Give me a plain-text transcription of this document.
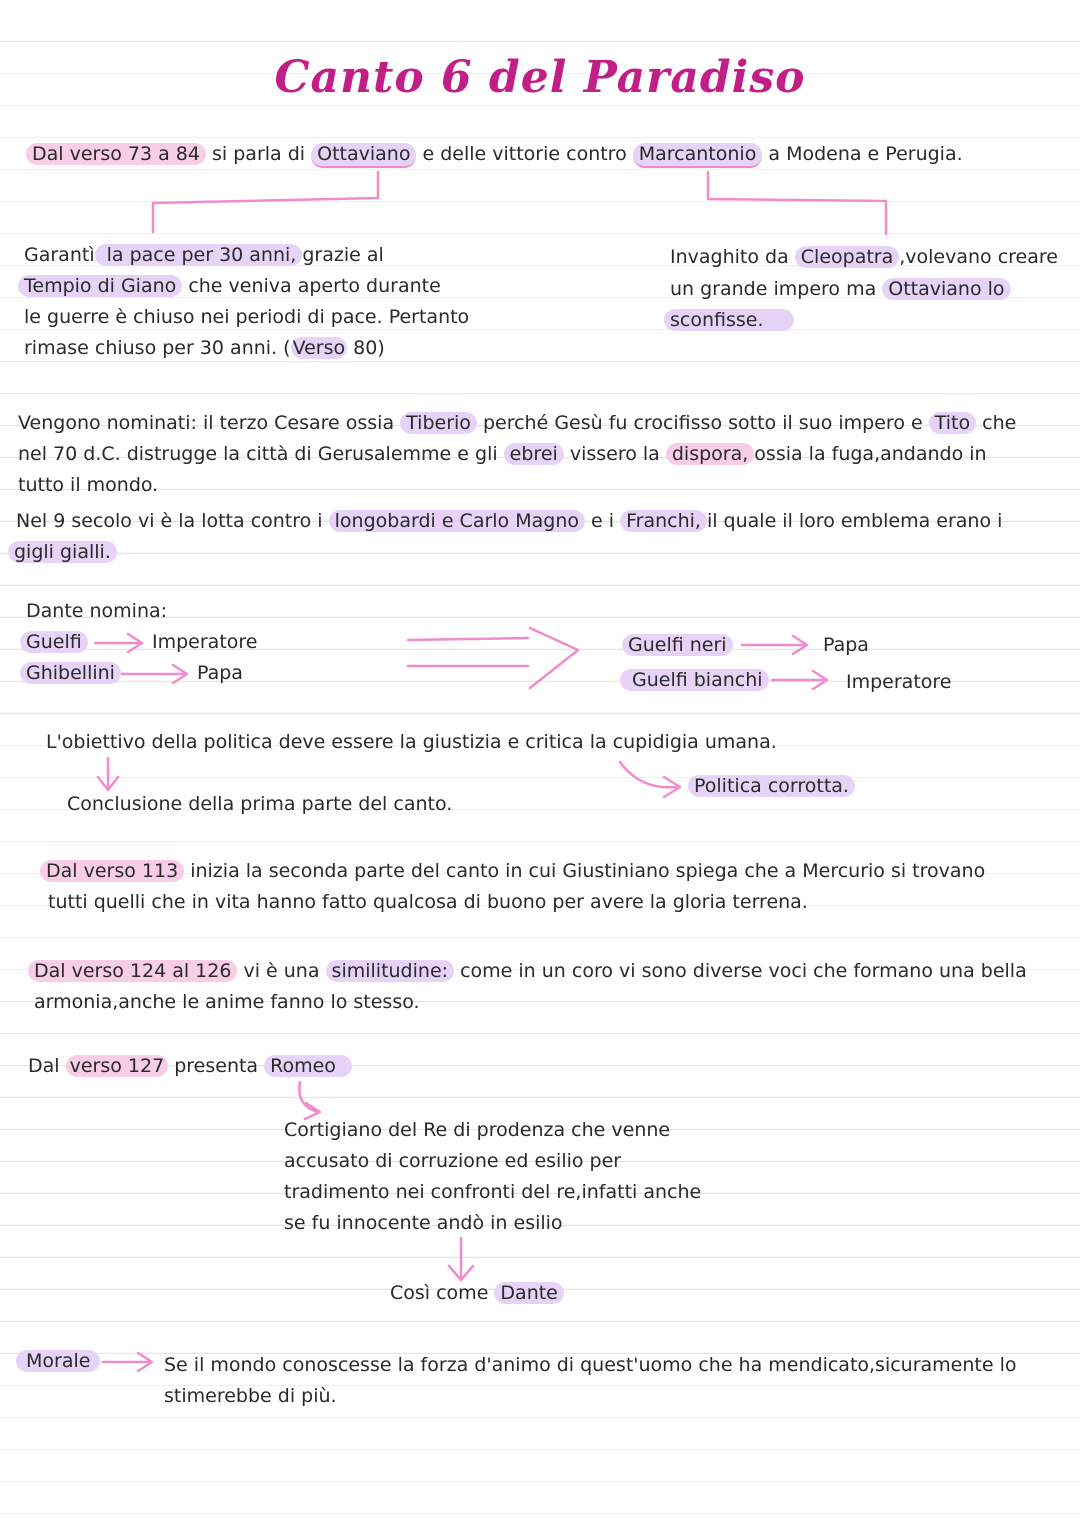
Canto 6 del Paradiso
Dal verso 73 a 84 si parla di Ottaviano e delle vittorie contro Marcantonio a Modena e Perugia.
Garantì la pace per 30 anni, grazie al
Tempio di Giano che veniva aperto durante
le guerre è chiuso nei periodi di pace. Pertanto
rimase chiuso per 30 anni. ( Verso 80)
Invaghito da Cleopatra ,volevano creare
un grande impero ma Ottaviano lo
sconfisse.
Vengono nominati: il terzo Cesare ossia Tiberio perché Gesù fu crocifisso sotto il suo impero e Tito che
nel 70 d.C. distrugge la città di Gerusalemme e gli ebrei vissero la dispora, ossia la fuga,andando in
tutto il mondo.
Nel 9 secolo vi è la lotta contro i longobardi e Carlo Magno e i Franchi, il quale il loro emblema erano i
gigli gialli.
Dante nomina:
Guelfi	Imperatore
Ghibellini	Papa
Guelfi neri	Papa
Guelfi bianchi	Imperatore
L'obiettivo della politica deve essere la giustizia e critica la cupidigia umana.
Politica corrotta.
Conclusione della prima parte del canto.
Dal verso 113 inizia la seconda parte del canto in cui Giustiniano spiega che a Mercurio si trovano
tutti quelli che in vita hanno fatto qualcosa di buono per avere la gloria terrena.
Dal verso 124 al 126 vi è una similitudine: come in un coro vi sono diverse voci che formano una bella
armonia,anche le anime fanno lo stesso.
Dal verso 127 presenta Romeo
Cortigiano del Re di prodenza che venne
accusato di corruzione ed esilio per
tradimento nei confronti del re,infatti anche
se fu innocente andò in esilio
Così come Dante
Morale	Se il mondo conoscesse la forza d'animo di quest'uomo che ha mendicato,sicuramente lo
stimerebbe di più.
